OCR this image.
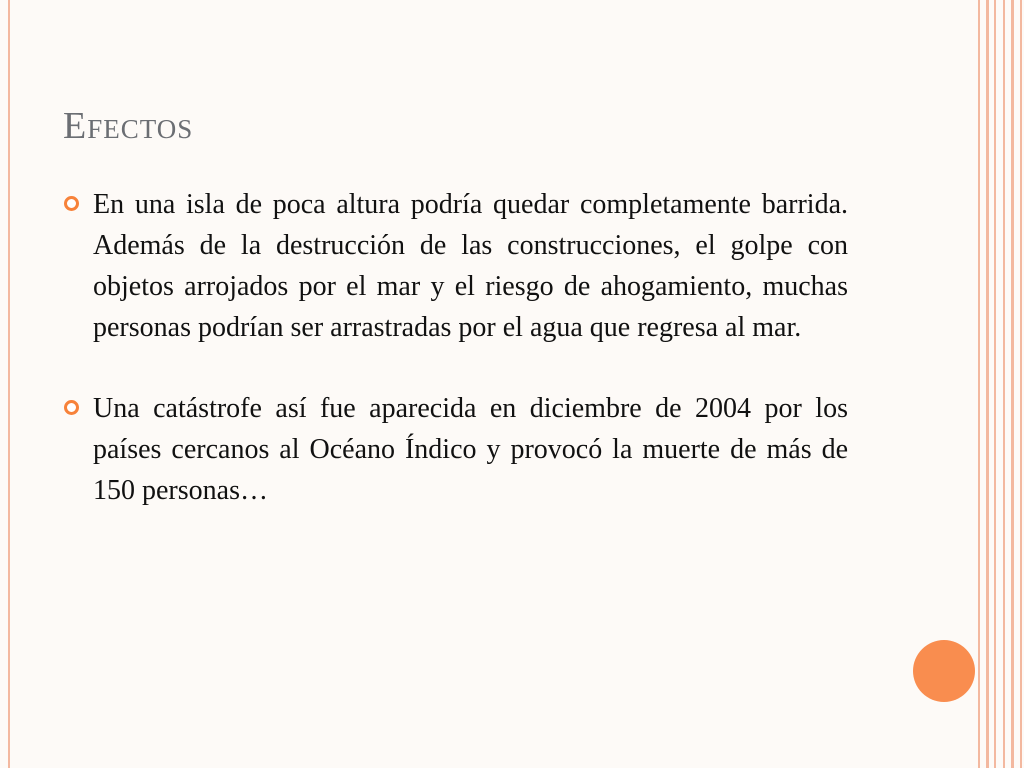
Efectos

En una isla de poca altura podría quedar completamente barrida. Además de la destrucción de las construcciones, el golpe con objetos arrojados por el mar y el riesgo de ahogamiento, muchas personas podrían ser arrastradas por el agua que regresa al mar.

Una catástrofe así fue aparecida en diciembre de 2004 por los países cercanos al Océano Índico y provocó la muerte de más de 150 personas…
